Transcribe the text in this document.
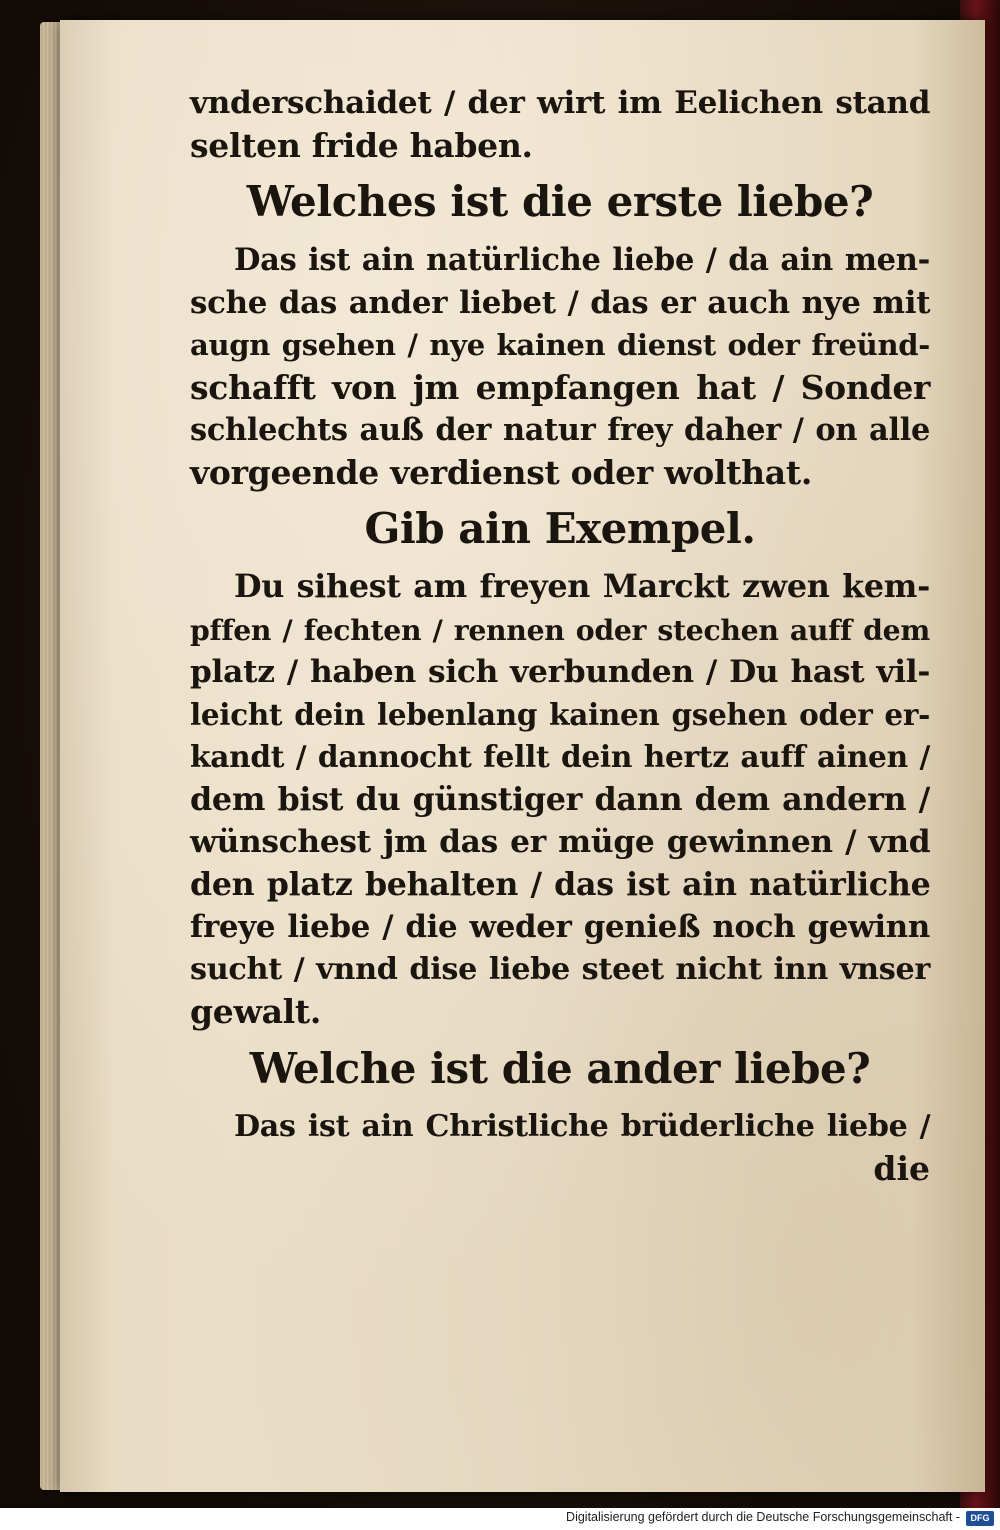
vnderschaidet / der wirt im Eelichen stand
selten fride haben.
Welches ist die erste liebe?
Das ist ain natürliche liebe / da ain men-
sche das ander liebet / das er auch nye mit
augn gsehen / nye kainen dienst oder freünd-
schafft von jm empfangen hat / Sonder
schlechts auß der natur frey daher / on alle
vorgeende verdienst oder wolthat.
Gib ain Exempel.
Du sihest am freyen Marckt zwen kem-
pffen / fechten / rennen oder stechen auff dem
platz / haben sich verbunden / Du hast vil-
leicht dein lebenlang kainen gsehen oder er-
kandt / dannocht fellt dein hertz auff ainen /
dem bist du günstiger dann dem andern /
wünschest jm das er müge gewinnen / vnd
den platz behalten / das ist ain natürliche
freye liebe / die weder genieß noch gewinn
sucht / vnnd dise liebe steet nicht inn vnser
gewalt.
Welche ist die ander liebe?
Das ist ain Christliche brüderliche liebe /
die
Digitalisierung gefördert durch die Deutsche Forschungsgemeinschaft -	DFG
